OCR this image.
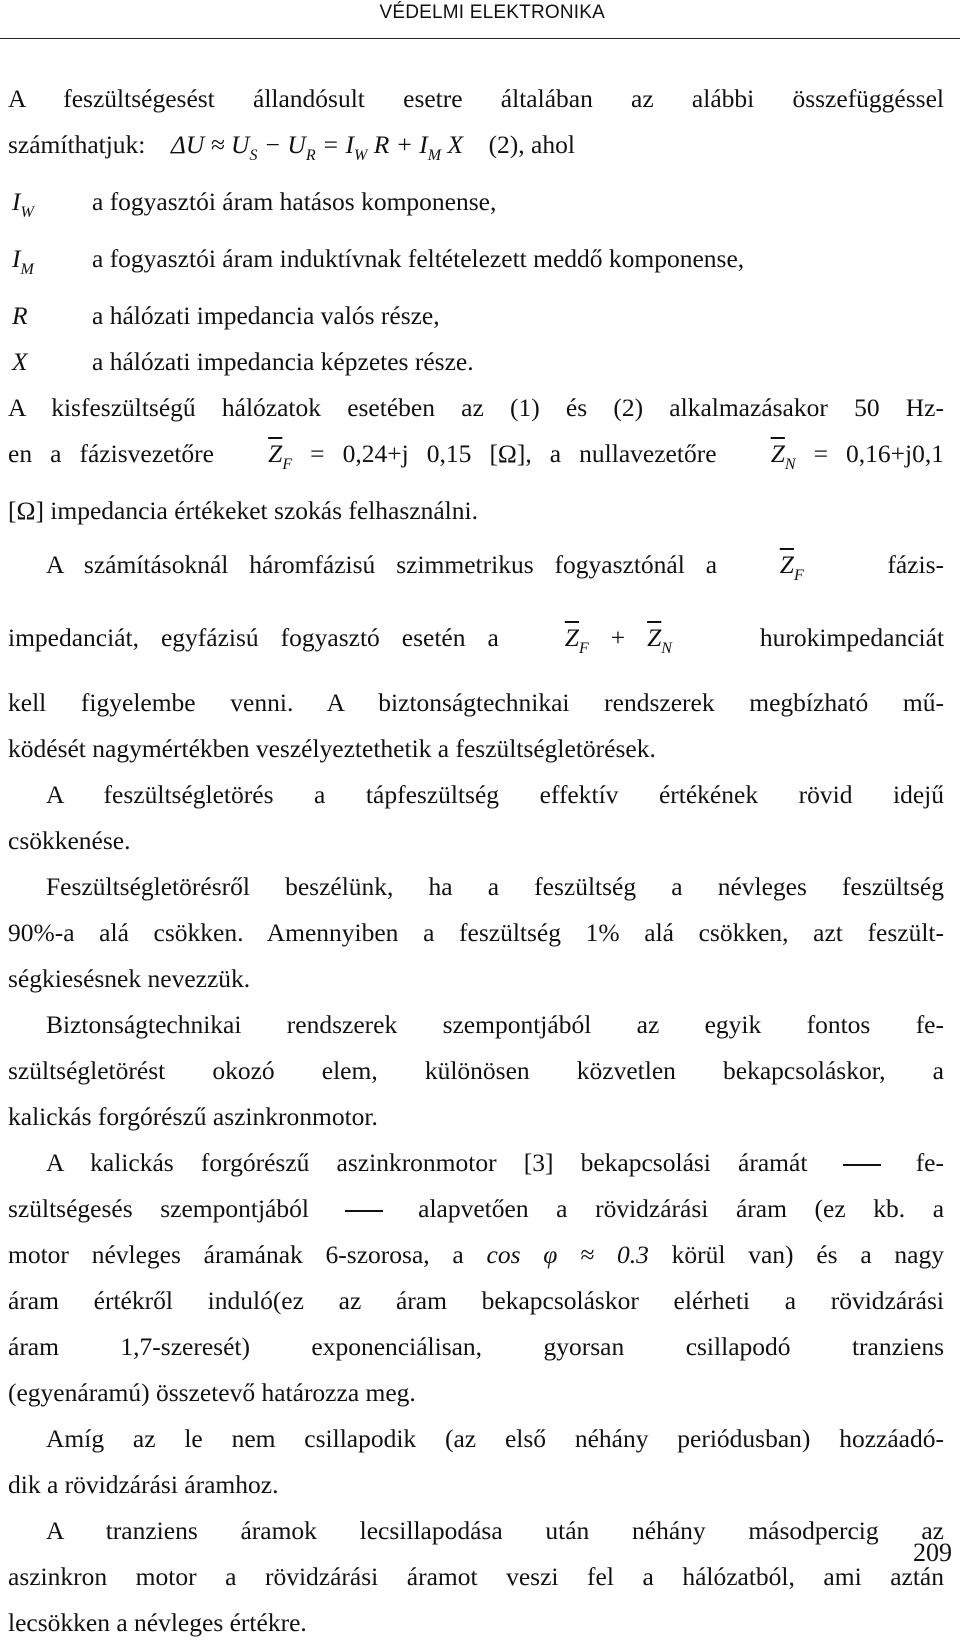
VÉDELMI ELEKTRONIKA
A feszültségesést állandósult esetre általában az alábbi összefüggéssel
számíthatjuk: $\Delta U \approx U_S - U_R = I_W$ $R + I_M$ X (2), ahol
$I_W$	a fogyasztói áram hatásos komponense,
$I_M$	a fogyasztói áram induktívnak feltételezett meddő komponense,
R	a hálózati impedancia valós része,
X	a hálózati impedancia képzetes része.
A kisfeszültségű hálózatok esetében az (1) és (2) alkalmazásakor 50 Hz-
en a fázisvezetőre $\overline{Z}_F = 0,24+j$ 0,15 [Ω], a nullavezetőre $\overline{Z}_N = 0,16+j0,1$
[Ω] impedancia értékeket szokás felhasználni.
A számításoknál háromfázisú szimmetrikus fogyasztónál a $\overline{Z}_F$	fázis-
impedanciát, egyfázisú fogyasztó esetén a	$\overline{Z}_F + \overline{Z}_N$	hurokimpedanciát
kell figyelembe venni. A biztonságtechnikai rendszerek megbízható mű-
ködését nagymértékben veszélyeztethetik a feszültségletörések.
A feszültségletörés a tápfeszültség effektív értékének rövid idejű
csökkenése.
Feszültségletörésről beszélünk, ha a feszültség a névleges feszültség
90%-a alá csökken. Amennyiben a feszültség 1% alá csökken, azt feszült-
ségkiesésnek nevezzük.
Biztonságtechnikai rendszerek szempontjából az egyik fontos fe-
szültségletörést okozó elem, különösen közvetlen bekapcsoláskor, a
kalickás forgórészű aszinkronmotor.
A kalickás forgórészű aszinkronmotor [3] bekapcsolási áramát	fe-
szültségesés szempontjából	alapvetően a rövidzárási áram (ez kb. a
motor névleges áramának 6-szorosa, a cos φ ≈ 0.3 körül van) és a nagy
áram értékről induló(ez az áram bekapcsoláskor elérheti a rövidzárási
áram 1,7-szeresét) exponenciálisan, gyorsan csillapodó tranziens
(egyenáramú) összetevő határozza meg.
Amíg az le nem csillapodik (az első néhány periódusban) hozzáadó-
dik a rövidzárási áramhoz.
A tranziens áramok lecsillapodása után néhány másodpercig az
aszinkron motor a rövidzárási áramot veszi fel a hálózatból, ami aztán
lecsökken a névleges értékre.
209
